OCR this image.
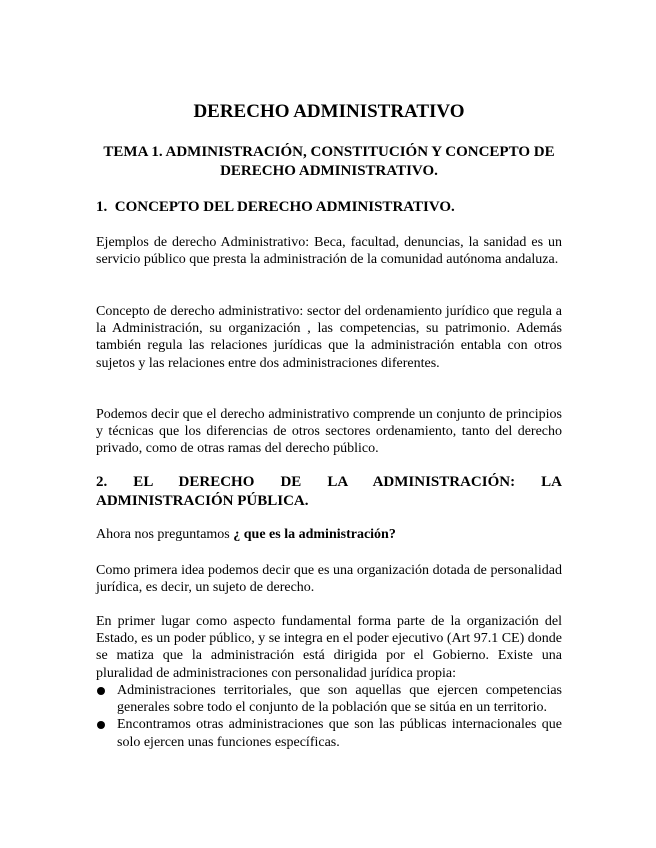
DERECHO ADMINISTRATIVO
TEMA 1. ADMINISTRACIÓN, CONSTITUCIÓN Y CONCEPTO DE
DERECHO ADMINISTRATIVO.
1.  CONCEPTO DEL DERECHO ADMINISTRATIVO.

Ejemplos de derecho Administrativo: Beca, facultad, denuncias, la sanidad es un servicio público que presta la administración de la comunidad autónoma andaluza.

Concepto de derecho administrativo: sector del ordenamiento jurídico que regula a la Administración, su organización , las competencias, su patrimonio. Además también regula las relaciones jurídicas que la administración entabla con otros sujetos y las relaciones entre dos administraciones diferentes.

Podemos decir que el derecho administrativo comprende un conjunto de principios y técnicas que los diferencias de otros sectores ordenamiento, tanto del derecho privado, como de otras ramas del derecho público.

2. EL DERECHO DE LA ADMINISTRACIÓN: LA
ADMINISTRACIÓN PÚBLICA.

Ahora nos preguntamos ¿ que es la administración?

Como primera idea podemos decir que es una organización dotada de personalidad jurídica, es decir, un sujeto de derecho.

En primer lugar como aspecto fundamental forma parte de la organización del Estado, es un poder público, y se integra en el poder ejecutivo (Art 97.1 CE) donde se matiza que la administración está dirigida por el Gobierno. Existe una pluralidad de administraciones con personalidad jurídica propia:

Administraciones territoriales, que son aquellas que ejercen competencias generales sobre todo el conjunto de la población que se sitúa en un territorio.
Encontramos otras administraciones que son las públicas internacionales que solo ejercen unas funciones específicas.
